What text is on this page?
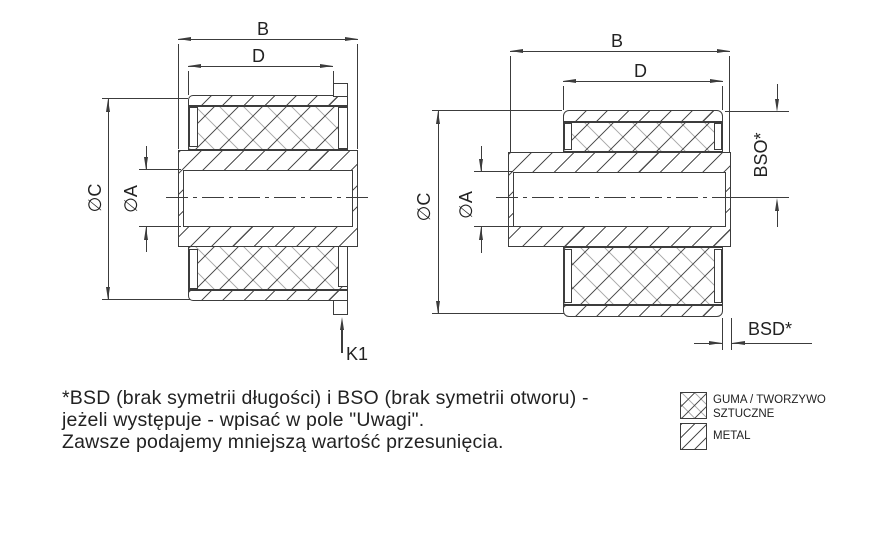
B
D
∅C ∅A
K1
B
D
∅C ∅A
BSO*
BSD*
*BSD (brak symetrii długości) i BSO (brak symetrii otworu) -
jeżeli występuje - wpisać w pole "Uwagi".
Zawsze podajemy mniejszą wartość przesunięcia.
GUMA / TWORZYWO SZTUCZNE
METAL
